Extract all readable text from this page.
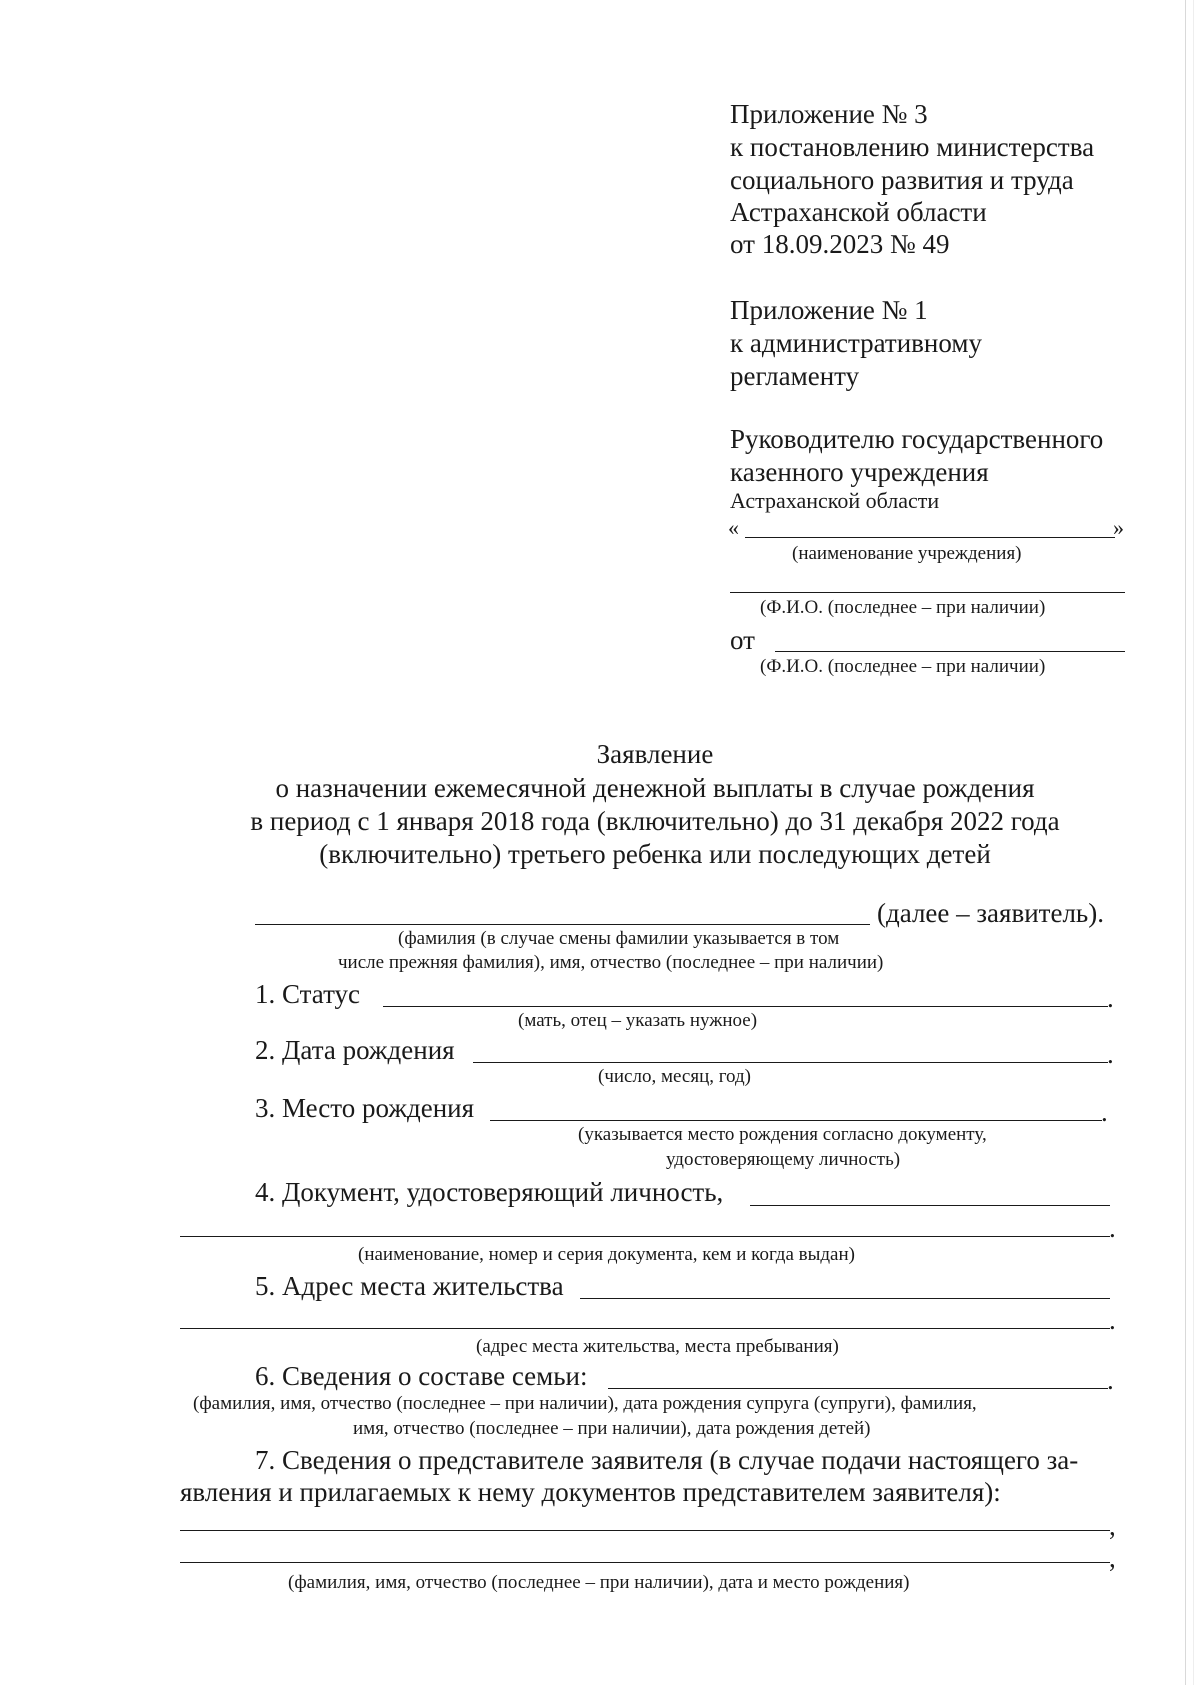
Приложение № 3
к постановлению министерства
социального развития и труда
Астраханской области
от 18.09.2023 № 49
Приложение № 1
к административному
регламенту
Руководителю государственного
казенного учреждения
Астраханской области
«	»
(наименование учреждения)
(Ф.И.О. (последнее – при наличии)
от
(Ф.И.О. (последнее – при наличии)
Заявление
о назначении ежемесячной денежной выплаты в случае рождения
в период с 1 января 2018 года (включительно) до 31 декабря 2022 года
(включительно) третьего ребенка или последующих детей
(далее – заявитель).
(фамилия (в случае смены фамилии указывается в том
числе прежняя фамилия), имя, отчество (последнее – при наличии)
1. Статус	.
(мать, отец – указать нужное)
2. Дата рождения	.
(число, месяц, год)
3. Место рождения	.
(указывается место рождения согласно документу,
удостоверяющему личность)
4. Документ, удостоверяющий личность,
.
(наименование, номер и серия документа, кем и когда выдан)
5. Адрес места жительства
.
(адрес места жительства, места пребывания)
6. Сведения о составе семьи:	.
(фамилия, имя, отчество (последнее – при наличии), дата рождения супруга (супруги), фамилия,
имя, отчество (последнее – при наличии), дата рождения детей)
7. Сведения о представителе заявителя (в случае подачи настоящего за-
явления и прилагаемых к нему документов представителем заявителя):
,
,
(фамилия, имя, отчество (последнее – при наличии), дата и место рождения)
